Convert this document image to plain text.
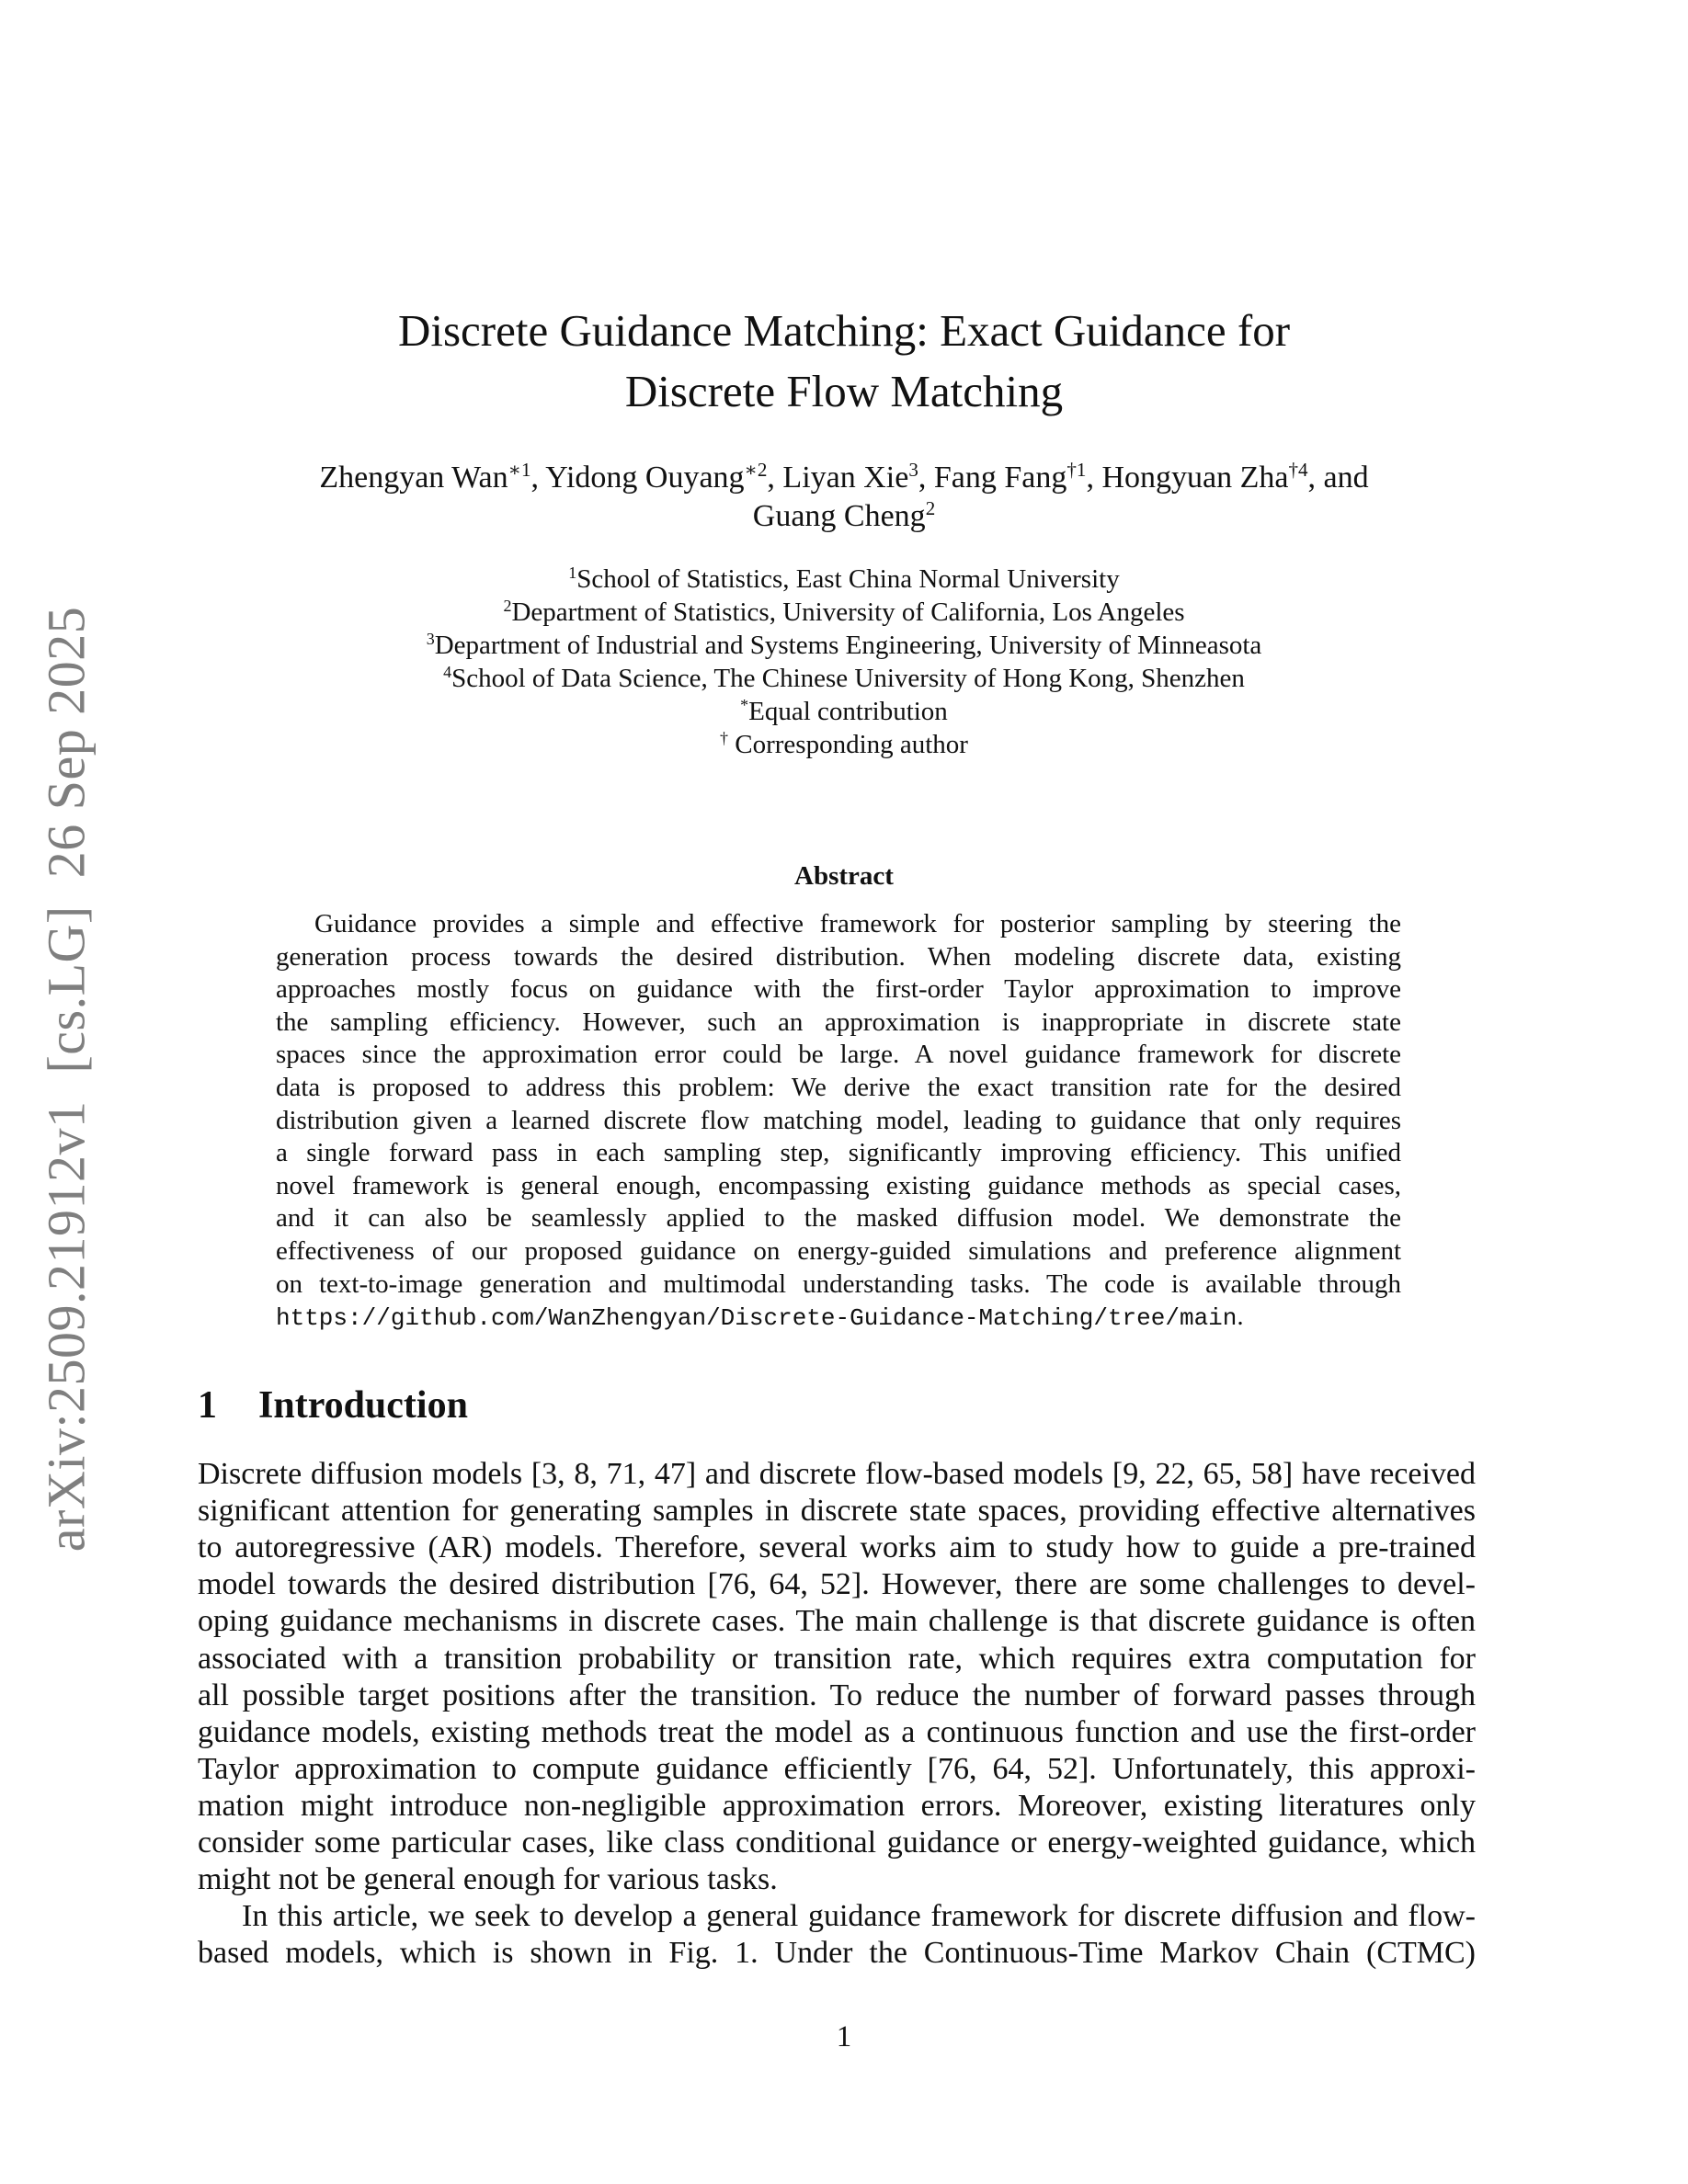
arXiv:2509.21912v1  [cs.LG]  26 Sep 2025
Discrete Guidance Matching: Exact Guidance for
Discrete Flow Matching
Zhengyan Wan$^{∗1}$, Yidong Ouyang$^{∗2}$, Liyan Xie$^3$, Fang Fang$^{\dagger 1}$, Hongyuan Zha$^{\dagger 4}$, and
Guang Cheng$^2$
$^1$School of Statistics, East China Normal University
$^2$Department of Statistics, University of California, Los Angeles
$^3$Department of Industrial and Systems Engineering, University of Minneasota
$^4$School of Data Science, The Chinese University of Hong Kong, Shenzhen
*Equal contribution
† Corresponding author
Abstract
Guidance provides a simple and effective framework for posterior sampling by steering the
generation process towards the desired distribution. When modeling discrete data, existing
approaches mostly focus on guidance with the first-order Taylor approximation to improve
the sampling efficiency. However, such an approximation is inappropriate in discrete state
spaces since the approximation error could be large. A novel guidance framework for discrete
data is proposed to address this problem: We derive the exact transition rate for the desired
distribution given a learned discrete flow matching model, leading to guidance that only requires
a single forward pass in each sampling step, significantly improving efficiency. This unified
novel framework is general enough, encompassing existing guidance methods as special cases,
and it can also be seamlessly applied to the masked diffusion model. We demonstrate the
effectiveness of our proposed guidance on energy-guided simulations and preference alignment
on text-to-image generation and multimodal understanding tasks. The code is available through
https://github.com/WanZhengyan/Discrete-Guidance-Matching/tree/main.
1 Introduction
Discrete diffusion models [3, 8, 71, 47] and discrete flow-based models [9, 22, 65, 58] have received
significant attention for generating samples in discrete state spaces, providing effective alternatives
to autoregressive (AR) models. Therefore, several works aim to study how to guide a pre-trained
model towards the desired distribution [76, 64, 52]. However, there are some challenges to devel-
oping guidance mechanisms in discrete cases. The main challenge is that discrete guidance is often
associated with a transition probability or transition rate, which requires extra computation for
all possible target positions after the transition. To reduce the number of forward passes through
guidance models, existing methods treat the model as a continuous function and use the first-order
Taylor approximation to compute guidance efficiently [76, 64, 52]. Unfortunately, this approxi-
mation might introduce non-negligible approximation errors. Moreover, existing literatures only
consider some particular cases, like class conditional guidance or energy-weighted guidance, which
might not be general enough for various tasks.
In this article, we seek to develop a general guidance framework for discrete diffusion and flow-
based models, which is shown in Fig. 1. Under the Continuous-Time Markov Chain (CTMC)
1
